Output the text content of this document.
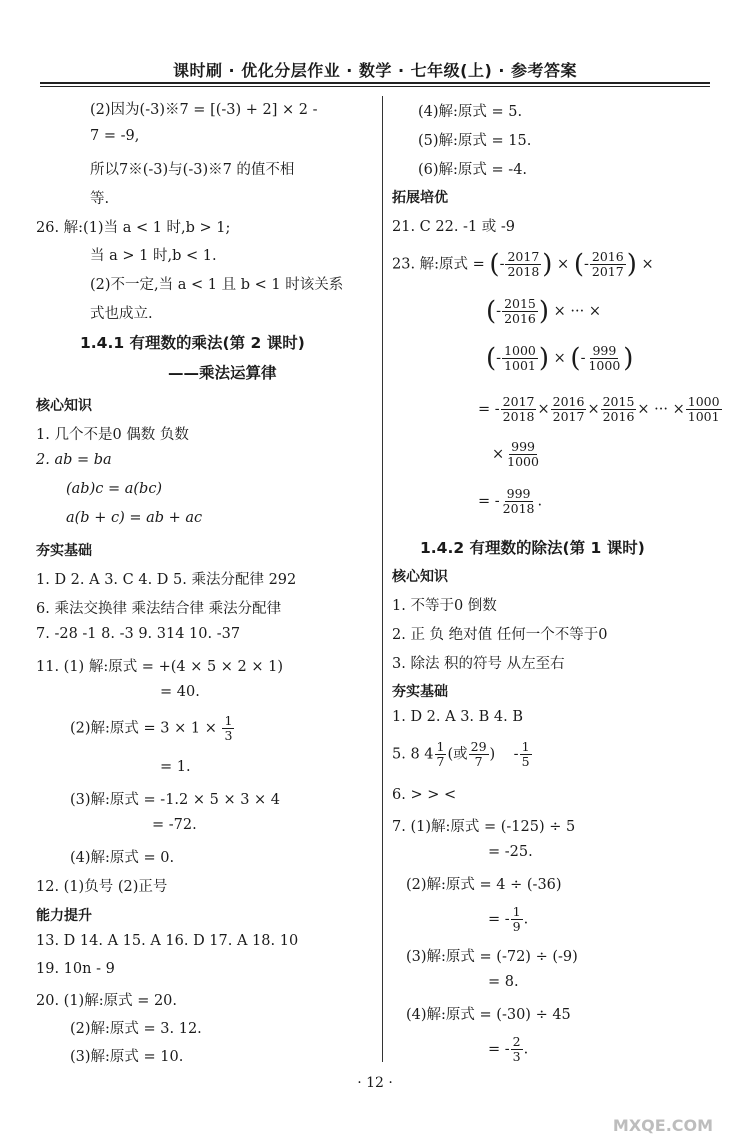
课时刷 · 优化分层作业 · 数学 · 七年级(上) · 参考答案
(2)因为(-3)※7 = [(-3) + 2] × 2 -
7 = -9,
所以7※(-3)与(-3)※7 的值不相
等.
26. 解:(1)当 a < 1 时,b > 1;
当 a > 1 时,b < 1.
(2)不一定,当 a < 1 且 b < 1 时该关系
式也成立.
1.4.1 有理数的乘法(第 2 课时)
——乘法运算律
核心知识
1. 几个不是0 偶数 负数
2. ab = ba
(ab)c = a(bc)
a(b + c) = ab + ac
夯实基础
1. D 2. A 3. C 4. D 5. 乘法分配律 292
6. 乘法交换律 乘法结合律 乘法分配律
7. -28 -1 8. -3 9. 314 10. -37
11. (1) 解:原式 = +(4 × 5 × 2 × 1)
= 40.
(2)解:原式 = $3 \times 1 \times \frac{1}{3}$
= 1.
(3)解:原式 = -1.2 × 5 × 3 × 4
= -72.
(4)解:原式 = 0.
12. (1)负号 (2)正号
能力提升
13. D 14. A 15. A 16. D 17. A 18. 10
19. 10n - 9
20. (1)解:原式 = 20.
(2)解:原式 = 3. 12.
(3)解:原式 = 10.
(4)解:原式 = 5.
(5)解:原式 = 15.
(6)解:原式 = -4.
拓展培优
21. C 22. -1 或 -9
23. 解:原式 = (- $\frac{2017}{2018}$ ) × (- $\frac{2016}{2017}$ ) ×
(- $\frac{2015}{2016}$ ) × ··· ×
(- $\frac{1000}{1001}$ ) × (- $\frac{999}{1000}$ )
= - $\frac{2017}{2018} \times \frac{2016}{2017} \times \frac{2015}{2016}$ × ··· × $\frac{1000}{1001}$
× $\frac{999}{1000}$
= - $\frac{999}{2018}$ .
1.4.2 有理数的除法(第 1 课时)
核心知识
1. 不等于0 倒数
2. 正 负 绝对值 任何一个不等于0
3. 除法 积的符号 从左至右
夯实基础
1. D 2. A 3. B 4. B
5. 8 $4 \frac{1}{7}$ (或 $\frac{29}{7}$ )    - $\frac{1}{5}$
6. > > <
7. (1)解:原式 = (-125) ÷ 5
= -25.
(2)解:原式 = 4 ÷ (-36)
= - $\frac{1}{9}$ .
(3)解:原式 = (-72) ÷ (-9)
= 8.
(4)解:原式 = (-30) ÷ 45
= - $\frac{2}{3}$ .
· 12 ·
MXQE.COM
